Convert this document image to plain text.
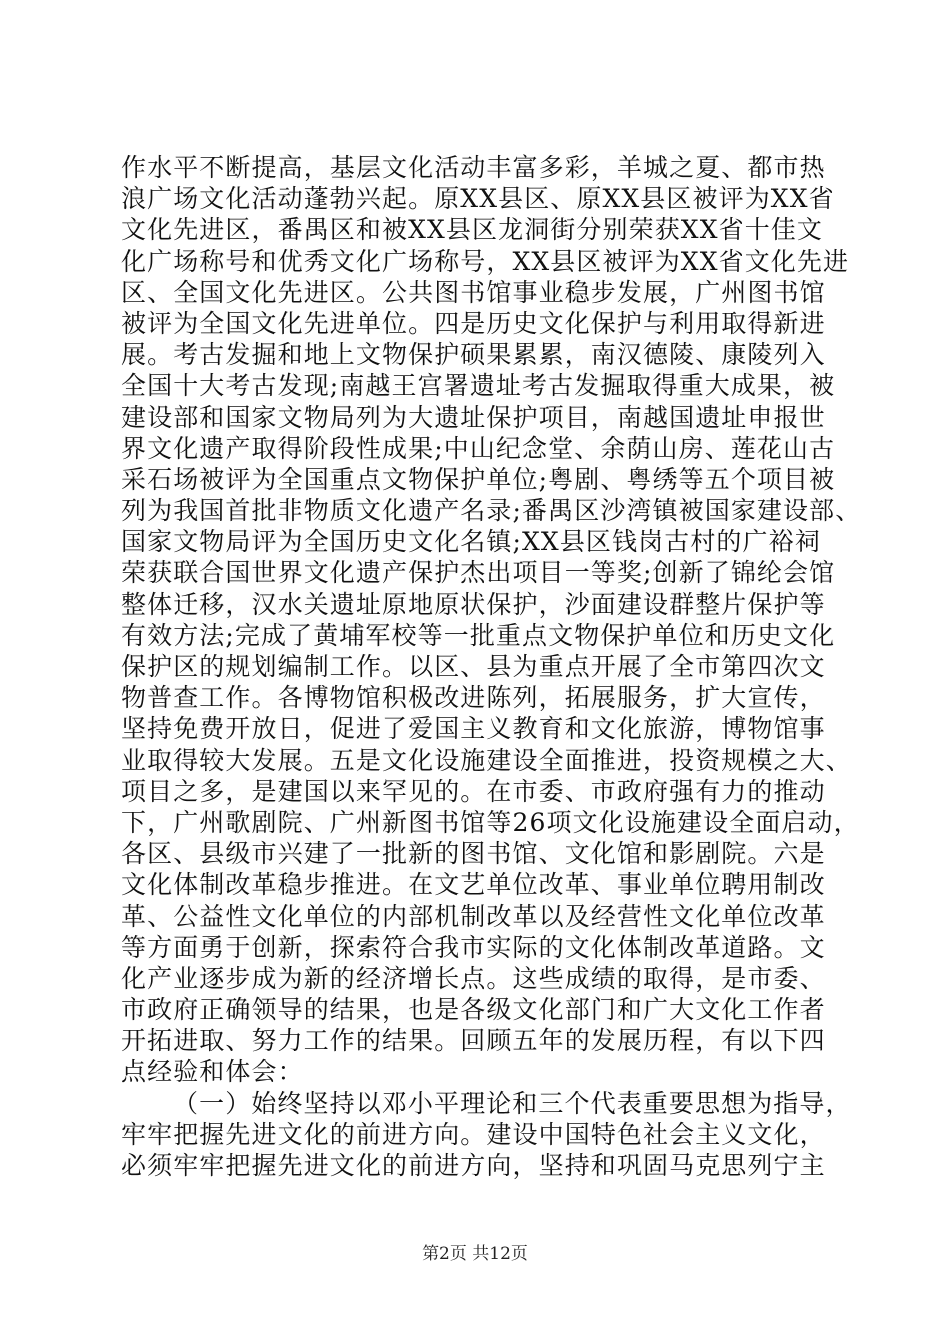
作水平不断提高，基层文化活动丰富多彩，羊城之夏、都市热
浪广场文化活动蓬勃兴起。原XX县区、原XX县区被评为XX省
文化先进区，番禺区和被XX县区龙洞街分别荣获XX省十佳文
化广场称号和优秀文化广场称号，XX县区被评为XX省文化先进
区、全国文化先进区。公共图书馆事业稳步发展，广州图书馆
被评为全国文化先进单位。四是历史文化保护与利用取得新进
展。考古发掘和地上文物保护硕果累累，南汉德陵、康陵列入
全国十大考古发现;南越王宫署遗址考古发掘取得重大成果，被
建设部和国家文物局列为大遗址保护项目，南越国遗址申报世
界文化遗产取得阶段性成果;中山纪念堂、余荫山房、莲花山古
采石场被评为全国重点文物保护单位;粤剧、粤绣等五个项目被
列为我国首批非物质文化遗产名录;番禺区沙湾镇被国家建设部、
国家文物局评为全国历史文化名镇;XX县区钱岗古村的广裕祠
荣获联合国世界文化遗产保护杰出项目一等奖;创新了锦纶会馆
整体迁移，汉水关遗址原地原状保护，沙面建设群整片保护等
有效方法;完成了黄埔军校等一批重点文物保护单位和历史文化
保护区的规划编制工作。以区、县为重点开展了全市第四次文
物普查工作。各博物馆积极改进陈列，拓展服务，扩大宣传，
坚持免费开放日，促进了爱国主义教育和文化旅游，博物馆事
业取得较大发展。五是文化设施建设全面推进，投资规模之大、
项目之多，是建国以来罕见的。在市委、市政府强有力的推动
下，广州歌剧院、广州新图书馆等26项文化设施建设全面启动，
各区、县级市兴建了一批新的图书馆、文化馆和影剧院。六是
文化体制改革稳步推进。在文艺单位改革、事业单位聘用制改
革、公益性文化单位的内部机制改革以及经营性文化单位改革
等方面勇于创新，探索符合我市实际的文化体制改革道路。文
化产业逐步成为新的经济增长点。这些成绩的取得，是市委、
市政府正确领导的结果，也是各级文化部门和广大文化工作者
开拓进取、努力工作的结果。回顾五年的发展历程，有以下四
点经验和体会：
（一）始终坚持以邓小平理论和三个代表重要思想为指导，
牢牢把握先进文化的前进方向。建设中国特色社会主义文化，
必须牢牢把握先进文化的前进方向，坚持和巩固马克思列宁主
第2页 共12页
